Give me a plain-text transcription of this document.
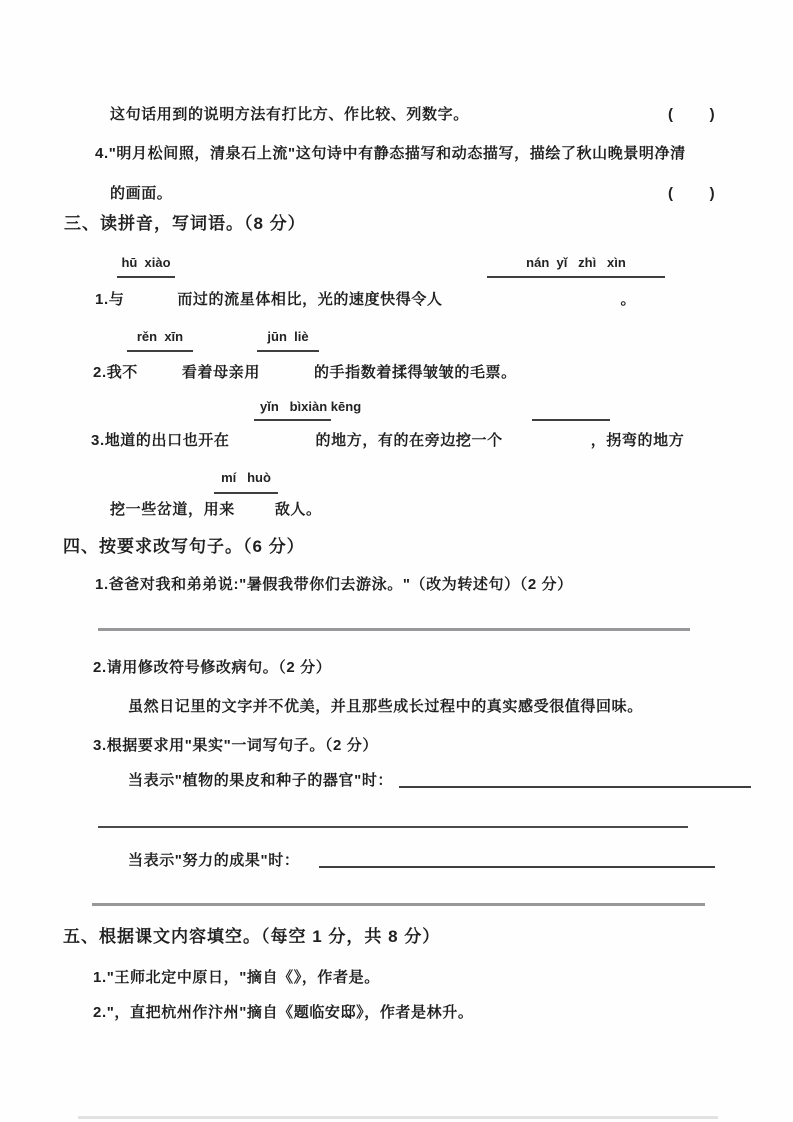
这句话用到的说明方法有打比方、作比较、列数字。	( )
4."明月松间照，清泉石上流"这句诗中有静态描写和动态描写，描绘了秋山晚景明净清
的画面。	( )
三、读拼音，写词语。（8 分）
hū  xiào	nán  yǐ   zhì   xìn
1.与	而过的流星体相比，光的速度快得令人	。
rěn  xīn	jūn  liè
2.我不	看着母亲用	的手指数着揉得皱皱的毛票。
yǐn   bìxiàn kēng
3.地道的出口也开在	的地方，有的在旁边挖一个	，拐弯的地方
mí   huò
挖一些岔道，用来	敌人。
四、按要求改写句子。（6 分）
1.爸爸对我和弟弟说:"暑假我带你们去游泳。"（改为转述句）（2 分）
2.请用修改符号修改病句。（2 分）
虽然日记里的文字并不优美，并且那些成长过程中的真实感受很值得回味。
3.根据要求用"果实"一词写句子。（2 分）
当表示"植物的果皮和种子的器官"时：
当表示"努力的成果"时：
五、根据课文内容填空。（每空 1 分，共 8 分）
1."王师北定中原日，"摘自《》，作者是。
2."，直把杭州作汴州"摘自《题临安邸》，作者是林升。
